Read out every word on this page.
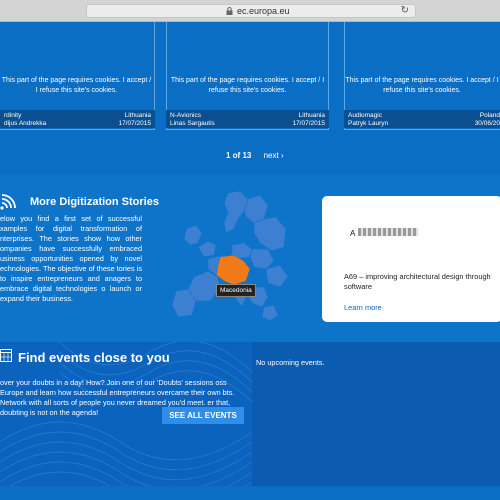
ec.europa.eu	↻
This part of the page requires cookies. I accept / I refuse this site's cookies.
rdinity
dijus Andrekka
Lithuania
17/07/2015
This part of the page requires cookies. I accept / I refuse this site's cookies.
N-Avionics
Linas Sargautis
Lithuania
17/07/2015
This part of the page requires cookies. I accept / I refuse this site's cookies.
Audiomagic
Patryk Lauryn
Poland
30/06/20
1 of 13 next ›
More Digitization Stories
elow you find a first set of successful xamples for digital transformation of nterprises. The stories show how other ompanies have successfully embraced usiness opportunities opened by novel echnologies. The objective of these tories is to inspire entrepreneurs and anagers to embrace digital technologies o launch or expand their business.
Macedonia
A
A69 – improving architectural design through software
Learn more
Find events close to you
over your doubts in a day! How? Join one of our 'Doubts' sessions oss Europe and learn how successful entrepreneurs overcame their own bts. Network with all sorts of people you never dreamed you'd meet. er that, doubting is not on the agenda!	SEE ALL EVENTS
No upcoming events.
